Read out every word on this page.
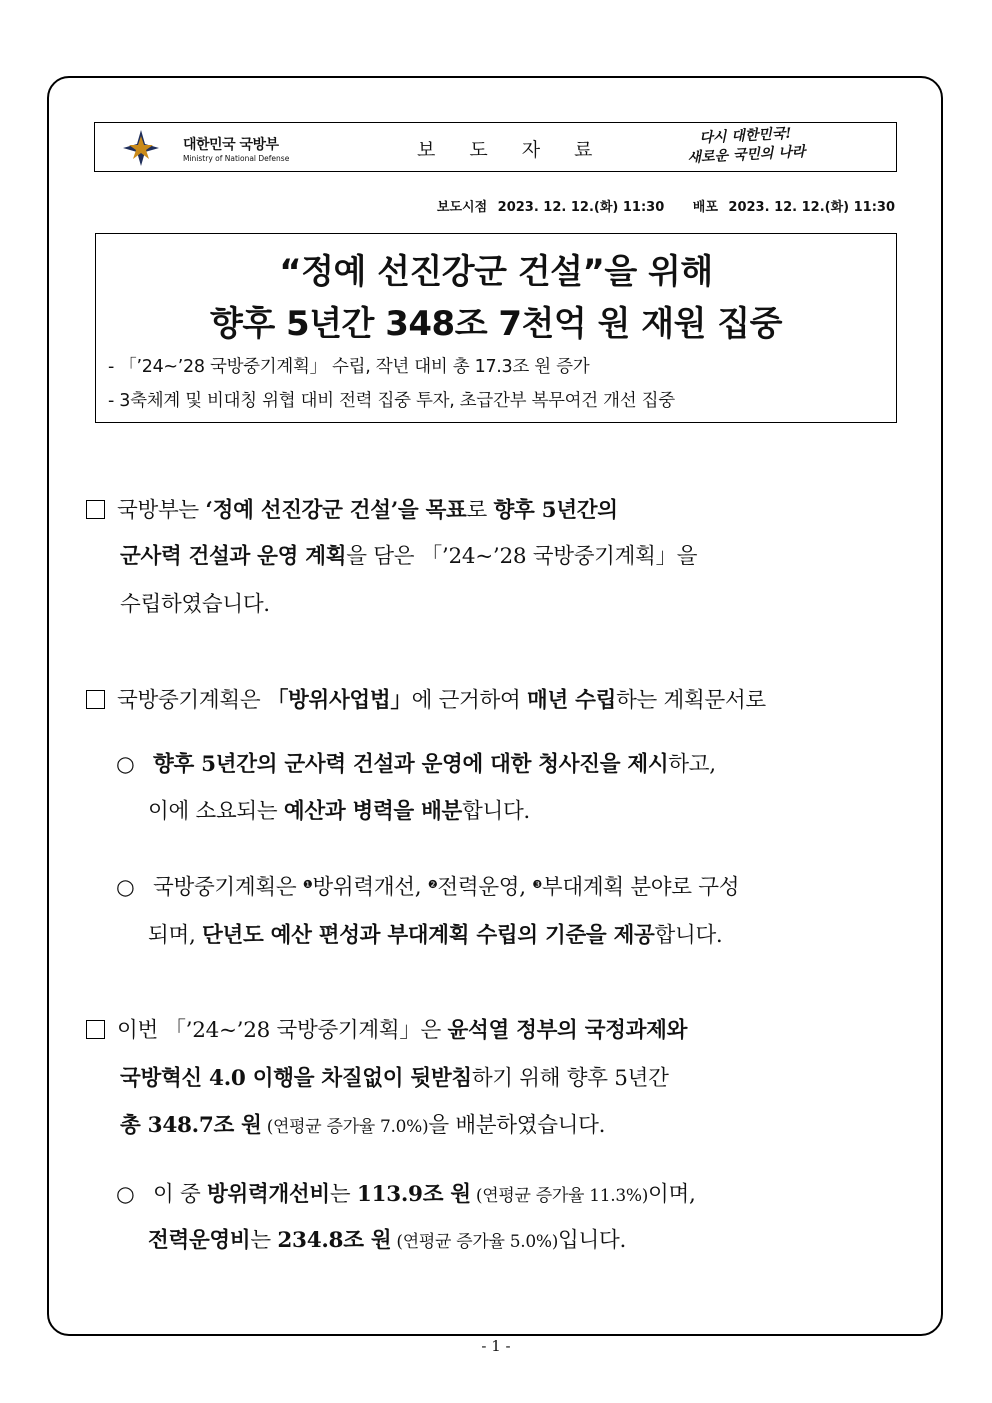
대한민국 국방부
Ministry of National Defense	보 도 자 료
다시 대한민국!
새로운 국민의 나라
보도시점 2023. 12. 12.(화) 11:30 배포 2023. 12. 12.(화) 11:30
“정예 선진강군 건설”을 위해
향후 5년간 348조 7천억 원 재원 집중
- 「’24~’28 국방중기계획」 수립, 작년 대비 총 17.3조 원 증가
- 3축체계 및 비대칭 위협 대비 전력 집중 투자, 초급간부 복무여건 개선 집중
국방부는 ‘정예 선진강군 건설’을 목표로 향후 5년간의
군사력 건설과 운영 계획을 담은 「’24~’28 국방중기계획」을
수립하였습니다.
국방중기계획은 「방위사업법」에 근거하여 매년 수립하는 계획문서로
○ 향후 5년간의 군사력 건설과 운영에 대한 청사진을 제시하고,
이에 소요되는 예산과 병력을 배분합니다.
○ 국방중기계획은 $^❶$방위력개선, $^❷$전력운영, $^❸$부대계획 분야로 구성
되며, 단년도 예산 편성과 부대계획 수립의 기준을 제공합니다.
이번 「’24~’28 국방중기계획」은 윤석열 정부의 국정과제와
국방혁신 4.0 이행을 차질없이 뒷받침하기 위해 향후 5년간
총 348.7조 원 (연평균 증가율 7.0%)을 배분하였습니다.
○ 이 중 방위력개선비는 113.9조 원 (연평균 증가율 11.3%)이며,
전력운영비는 234.8조 원 (연평균 증가율 5.0%)입니다.
- 1 -
